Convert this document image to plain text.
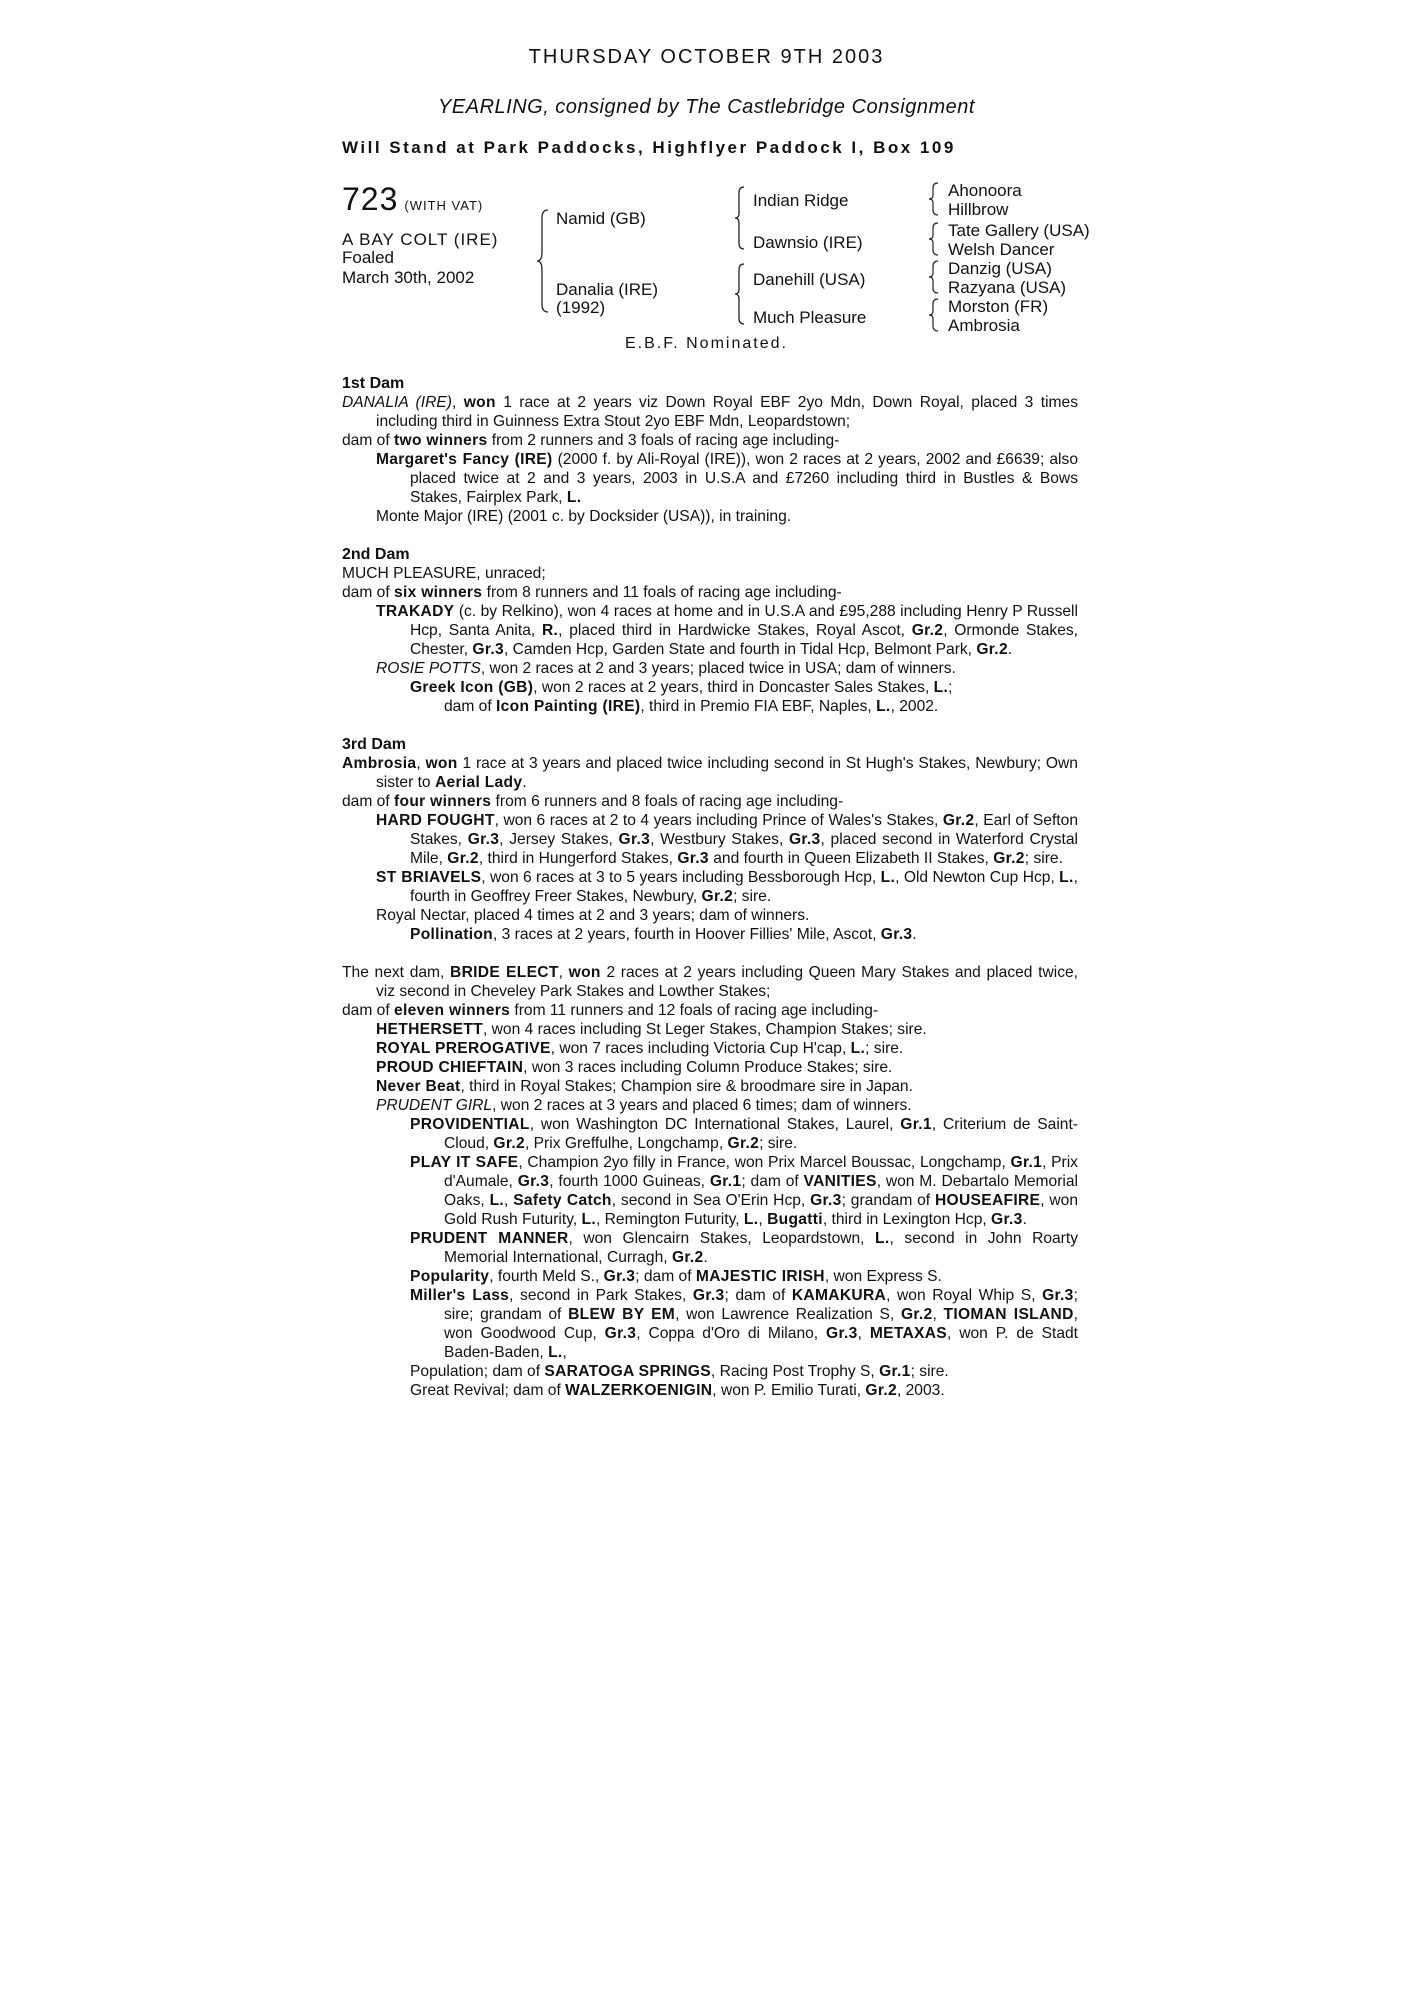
THURSDAY OCTOBER 9TH 2003
YEARLING, consigned by The Castlebridge Consignment
Will Stand at Park Paddocks, Highflyer Paddock I, Box 109
723 (WITH VAT)
A BAY COLT (IRE)
Foaled
March 30th, 2002
Namid (GB)
Danalia (IRE)
(1992)
Indian Ridge
Dawnsio (IRE)
Danehill (USA)
Much Pleasure
Ahonoora
Hillbrow
Tate Gallery (USA)
Welsh Dancer
Danzig (USA)
Razyana (USA)
Morston (FR)
Ambrosia
E.B.F. Nominated.

1st Dam

DANALIA (IRE), won 1 race at 2 years viz Down Royal EBF 2yo Mdn, Down Royal, placed 3 times including third in Guinness Extra Stout 2yo EBF Mdn, Leopardstown;

dam of two winners from 2 runners and 3 foals of racing age including-

Margaret's Fancy (IRE) (2000 f. by Ali-Royal (IRE)), won 2 races at 2 years, 2002 and £6639; also placed twice at 2 and 3 years, 2003 in U.S.A and £7260 including third in Bustles & Bows Stakes, Fairplex Park, L.

Monte Major (IRE) (2001 c. by Docksider (USA)), in training.

2nd Dam

MUCH PLEASURE, unraced;

dam of six winners from 8 runners and 11 foals of racing age including-

TRAKADY (c. by Relkino), won 4 races at home and in U.S.A and £95,288 including Henry P Russell Hcp, Santa Anita, R., placed third in Hardwicke Stakes, Royal Ascot, Gr.2, Ormonde Stakes, Chester, Gr.3, Camden Hcp, Garden State and fourth in Tidal Hcp, Belmont Park, Gr.2.

ROSIE POTTS, won 2 races at 2 and 3 years; placed twice in USA; dam of winners.

Greek Icon (GB), won 2 races at 2 years, third in Doncaster Sales Stakes, L.;

dam of Icon Painting (IRE), third in Premio FIA EBF, Naples, L., 2002.

3rd Dam

Ambrosia, won 1 race at 3 years and placed twice including second in St Hugh's Stakes, Newbury; Own sister to Aerial Lady.

dam of four winners from 6 runners and 8 foals of racing age including-

HARD FOUGHT, won 6 races at 2 to 4 years including Prince of Wales's Stakes, Gr.2, Earl of Sefton Stakes, Gr.3, Jersey Stakes, Gr.3, Westbury Stakes, Gr.3, placed second in Waterford Crystal Mile, Gr.2, third in Hungerford Stakes, Gr.3 and fourth in Queen Elizabeth II Stakes, Gr.2; sire.

ST BRIAVELS, won 6 races at 3 to 5 years including Bessborough Hcp, L., Old Newton Cup Hcp, L., fourth in Geoffrey Freer Stakes, Newbury, Gr.2; sire.

Royal Nectar, placed 4 times at 2 and 3 years; dam of winners.

Pollination, 3 races at 2 years, fourth in Hoover Fillies' Mile, Ascot, Gr.3.

The next dam, BRIDE ELECT, won 2 races at 2 years including Queen Mary Stakes and placed twice, viz second in Cheveley Park Stakes and Lowther Stakes;

dam of eleven winners from 11 runners and 12 foals of racing age including-

HETHERSETT, won 4 races including St Leger Stakes, Champion Stakes; sire.

ROYAL PREROGATIVE, won 7 races including Victoria Cup H'cap, L.; sire.

PROUD CHIEFTAIN, won 3 races including Column Produce Stakes; sire.

Never Beat, third in Royal Stakes; Champion sire & broodmare sire in Japan.

PRUDENT GIRL, won 2 races at 3 years and placed 6 times; dam of winners.

PROVIDENTIAL, won Washington DC International Stakes, Laurel, Gr.1, Criterium de Saint-Cloud, Gr.2, Prix Greffulhe, Longchamp, Gr.2; sire.

PLAY IT SAFE, Champion 2yo filly in France, won Prix Marcel Boussac, Longchamp, Gr.1, Prix d'Aumale, Gr.3, fourth 1000 Guineas, Gr.1; dam of VANITIES, won M. Debartalo Memorial Oaks, L., Safety Catch, second in Sea O'Erin Hcp, Gr.3; grandam of HOUSEAFIRE, won Gold Rush Futurity, L., Remington Futurity, L., Bugatti, third in Lexington Hcp, Gr.3.

PRUDENT MANNER, won Glencairn Stakes, Leopardstown, L., second in John Roarty Memorial International, Curragh, Gr.2.

Popularity, fourth Meld S., Gr.3; dam of MAJESTIC IRISH, won Express S.

Miller's Lass, second in Park Stakes, Gr.3; dam of KAMAKURA, won Royal Whip S, Gr.3; sire; grandam of BLEW BY EM, won Lawrence Realization S, Gr.2, TIOMAN ISLAND, won Goodwood Cup, Gr.3, Coppa d'Oro di Milano, Gr.3, METAXAS, won P. de Stadt Baden-Baden, L.,

Population; dam of SARATOGA SPRINGS, Racing Post Trophy S, Gr.1; sire.

Great Revival; dam of WALZERKOENIGIN, won P. Emilio Turati, Gr.2, 2003.
